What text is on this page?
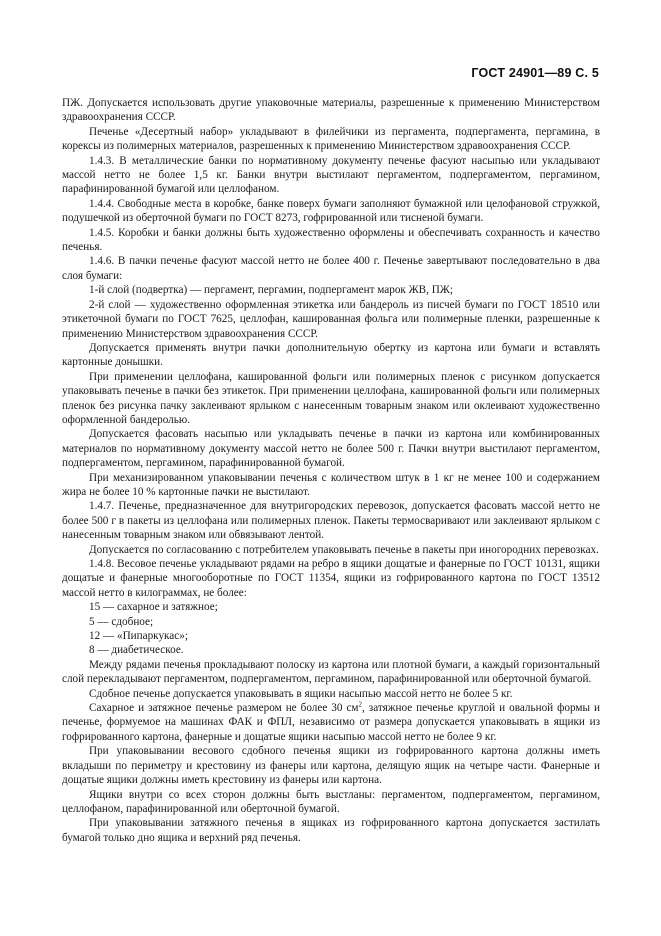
ГОСТ 24901—89 С. 5

ПЖ. Допускается использовать другие упаковочные материалы, разрешенные к применению Министерством здравоохранения СССР.

Печенье «Десертный набор» укладывают в филейчики из пергамента, подпергамента, пергамина, в корексы из полимерных материалов, разрешенных к применению Министерством здравоохранения СССР.

1.4.3. В металлические банки по нормативному документу печенье фасуют насыпью или укладывают массой нетто не более 1,5 кг. Банки внутри выстилают пергаментом, подпергаментом, пергамином, парафинированной бумагой или целлофаном.

1.4.4. Свободные места в коробке, банке поверх бумаги заполняют бумажной или целофановой стружкой, подушечкой из оберточной бумаги по ГОСТ 8273, гофрированной или тисненой бумаги.

1.4.5. Коробки и банки должны быть художественно оформлены и обеспечивать сохранность и качество печенья.

1.4.6. В пачки печенье фасуют массой нетто не более 400 г. Печенье завертывают последовательно в два слоя бумаги:

1-й слой (подвертка) — пергамент, пергамин, подпергамент марок ЖВ, ПЖ;

2-й слой — художественно оформленная этикетка или бандероль из писчей бумаги по ГОСТ 18510 или этикеточной бумаги по ГОСТ 7625, целлофан, кашированная фольга или полимерные пленки, разрешенные к применению Министерством здравоохранения СССР.

Допускается применять внутри пачки дополнительную обертку из картона или бумаги и вставлять картонные донышки.

При применении целлофана, кашированной фольги или полимерных пленок с рисунком допускается упаковывать печенье в пачки без этикеток. При применении целлофана, кашированной фольги или полимерных пленок без рисунка пачку заклеивают ярлыком с нанесенным товарным знаком или оклеивают художественно оформленной бандеролью.

Допускается фасовать насыпью или укладывать печенье в пачки из картона или комбинированных материалов по нормативному документу массой нетто не более 500 г. Пачки внутри выстилают пергаментом, подпергаментом, пергамином, парафинированной бумагой.

При механизированном упаковывании печенья с количеством штук в 1 кг не менее 100 и содержанием жира не более 10 % картонные пачки не выстилают.

1.4.7. Печенье, предназначенное для внутригородских перевозок, допускается фасовать массой нетто не более 500 г в пакеты из целлофана или полимерных пленок. Пакеты термосваривают или заклеивают ярлыком с нанесенным товарным знаком или обвязывают лентой.

Допускается по согласованию с потребителем упаковывать печенье в пакеты при иногородних перевозках.

1.4.8. Весовое печенье укладывают рядами на ребро в ящики дощатые и фанерные по ГОСТ 10131, ящики дощатые и фанерные многооборотные по ГОСТ 11354, ящики из гофрированного картона по ГОСТ 13512 массой нетто в килограммах, не более:

15 — сахарное и затяжное;

5 — сдобное;

12 — «Пипаркукас»;

8 — диабетическое.

Между рядами печенья прокладывают полоску из картона или плотной бумаги, а каждый горизонтальный слой перекладывают пергаментом, подпергаментом, пергамином, парафинированной или оберточной бумагой.

Сдобное печенье допускается упаковывать в ящики насыпью массой нетто не более 5 кг.

Сахарное и затяжное печенье размером не более 30 $см^2$, затяжное печенье круглой и овальной формы и печенье, формуемое на машинах ФАК и ФПЛ, независимо от размера допускается упаковывать в ящики из гофрированного картона, фанерные и дощатые ящики насыпью массой нетто не более 9 кг.

При упаковывании весового сдобного печенья ящики из гофрированного картона должны иметь вкладыши по периметру и крестовину из фанеры или картона, делящую ящик на четыре части. Фанерные и дощатые ящики должны иметь крестовину из фанеры или картона.

Ящики внутри со всех сторон должны быть выстланы: пергаментом, подпергаментом, пергамином, целлофаном, парафинированной или оберточной бумагой.

При упаковывании затяжного печенья в ящиках из гофрированного картона допускается застилать бумагой только дно ящика и верхний ряд печенья.
